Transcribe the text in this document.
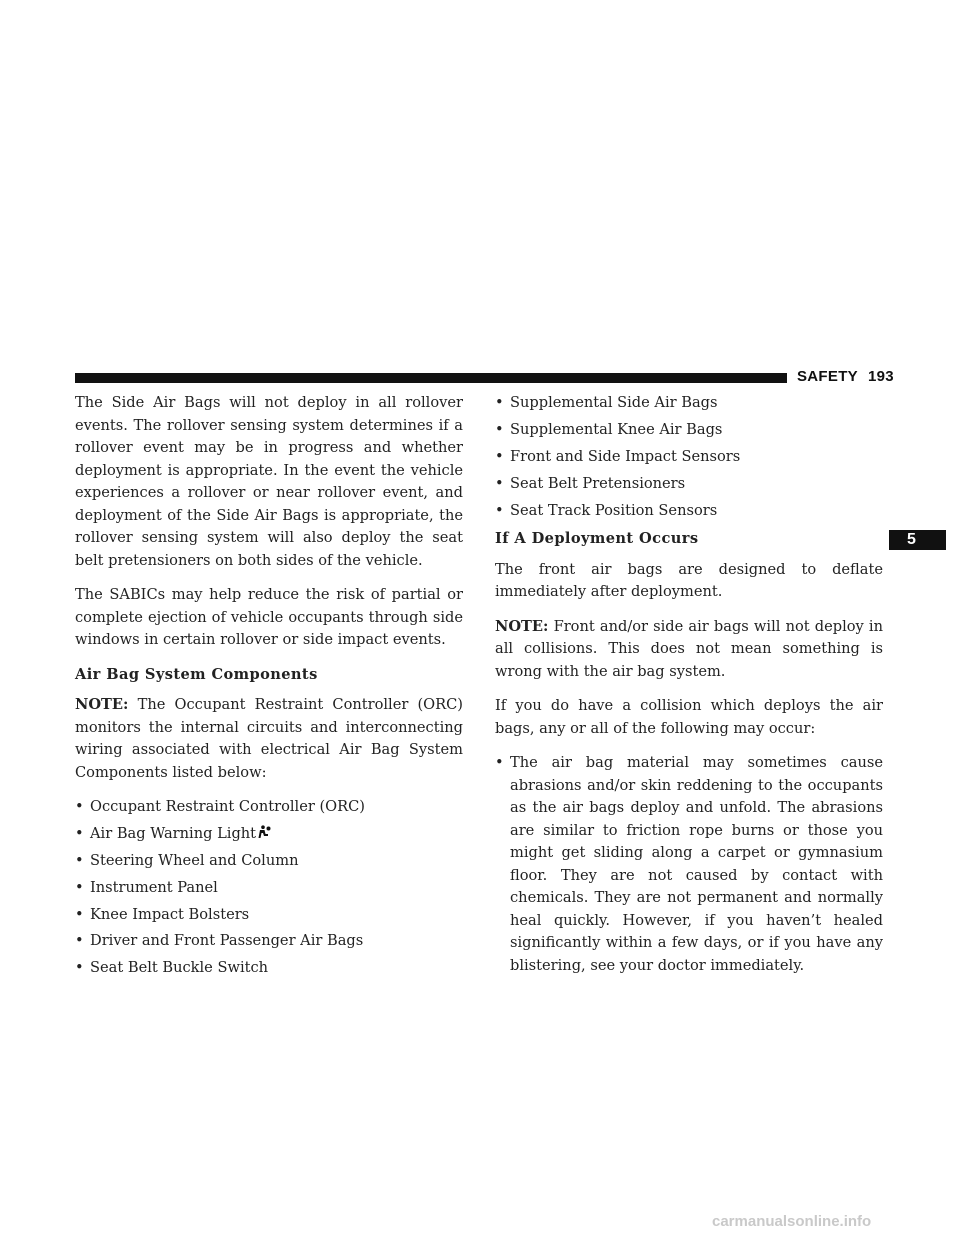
SAFETY 193
5

The Side Air Bags will not deploy in all rollover events. The rollover sensing system determines if a rollover event may be in progress and whether deployment is appropriate. In the event the vehicle experiences a rollover or near rollover event, and deployment of the Side Air Bags is appropriate, the rollover sensing system will also deploy the seat belt pretensioners on both sides of the vehicle.

The SABICs may help reduce the risk of partial or complete ejection of vehicle occupants through side windows in certain rollover or side impact events.

Air Bag System Components

NOTE: The Occupant Restraint Controller (ORC) monitors the internal circuits and interconnecting wiring associated with electrical Air Bag System Components listed below:

• Occupant Restraint Controller (ORC)
• Air Bag Warning Light
• Steering Wheel and Column
• Instrument Panel
• Knee Impact Bolsters
• Driver and Front Passenger Air Bags
• Seat Belt Buckle Switch
• Supplemental Side Air Bags
• Supplemental Knee Air Bags
• Front and Side Impact Sensors
• Seat Belt Pretensioners
• Seat Track Position Sensors
If A Deployment Occurs

The front air bags are designed to deflate immediately after deployment.

NOTE: Front and/or side air bags will not deploy in all collisions. This does not mean something is wrong with the air bag system.

If you do have a collision which deploys the air bags, any or all of the following may occur:

• The air bag material may sometimes cause abrasions and/or skin reddening to the occupants as the air bags deploy and unfold. The abrasions are similar to friction rope burns or those you might get sliding along a carpet or gymnasium floor. They are not caused by contact with chemicals. They are not permanent and normally heal quickly. However, if you haven’t healed significantly within a few days, or if you have any blistering, see your doctor immediately.
carmanualsonline.info
